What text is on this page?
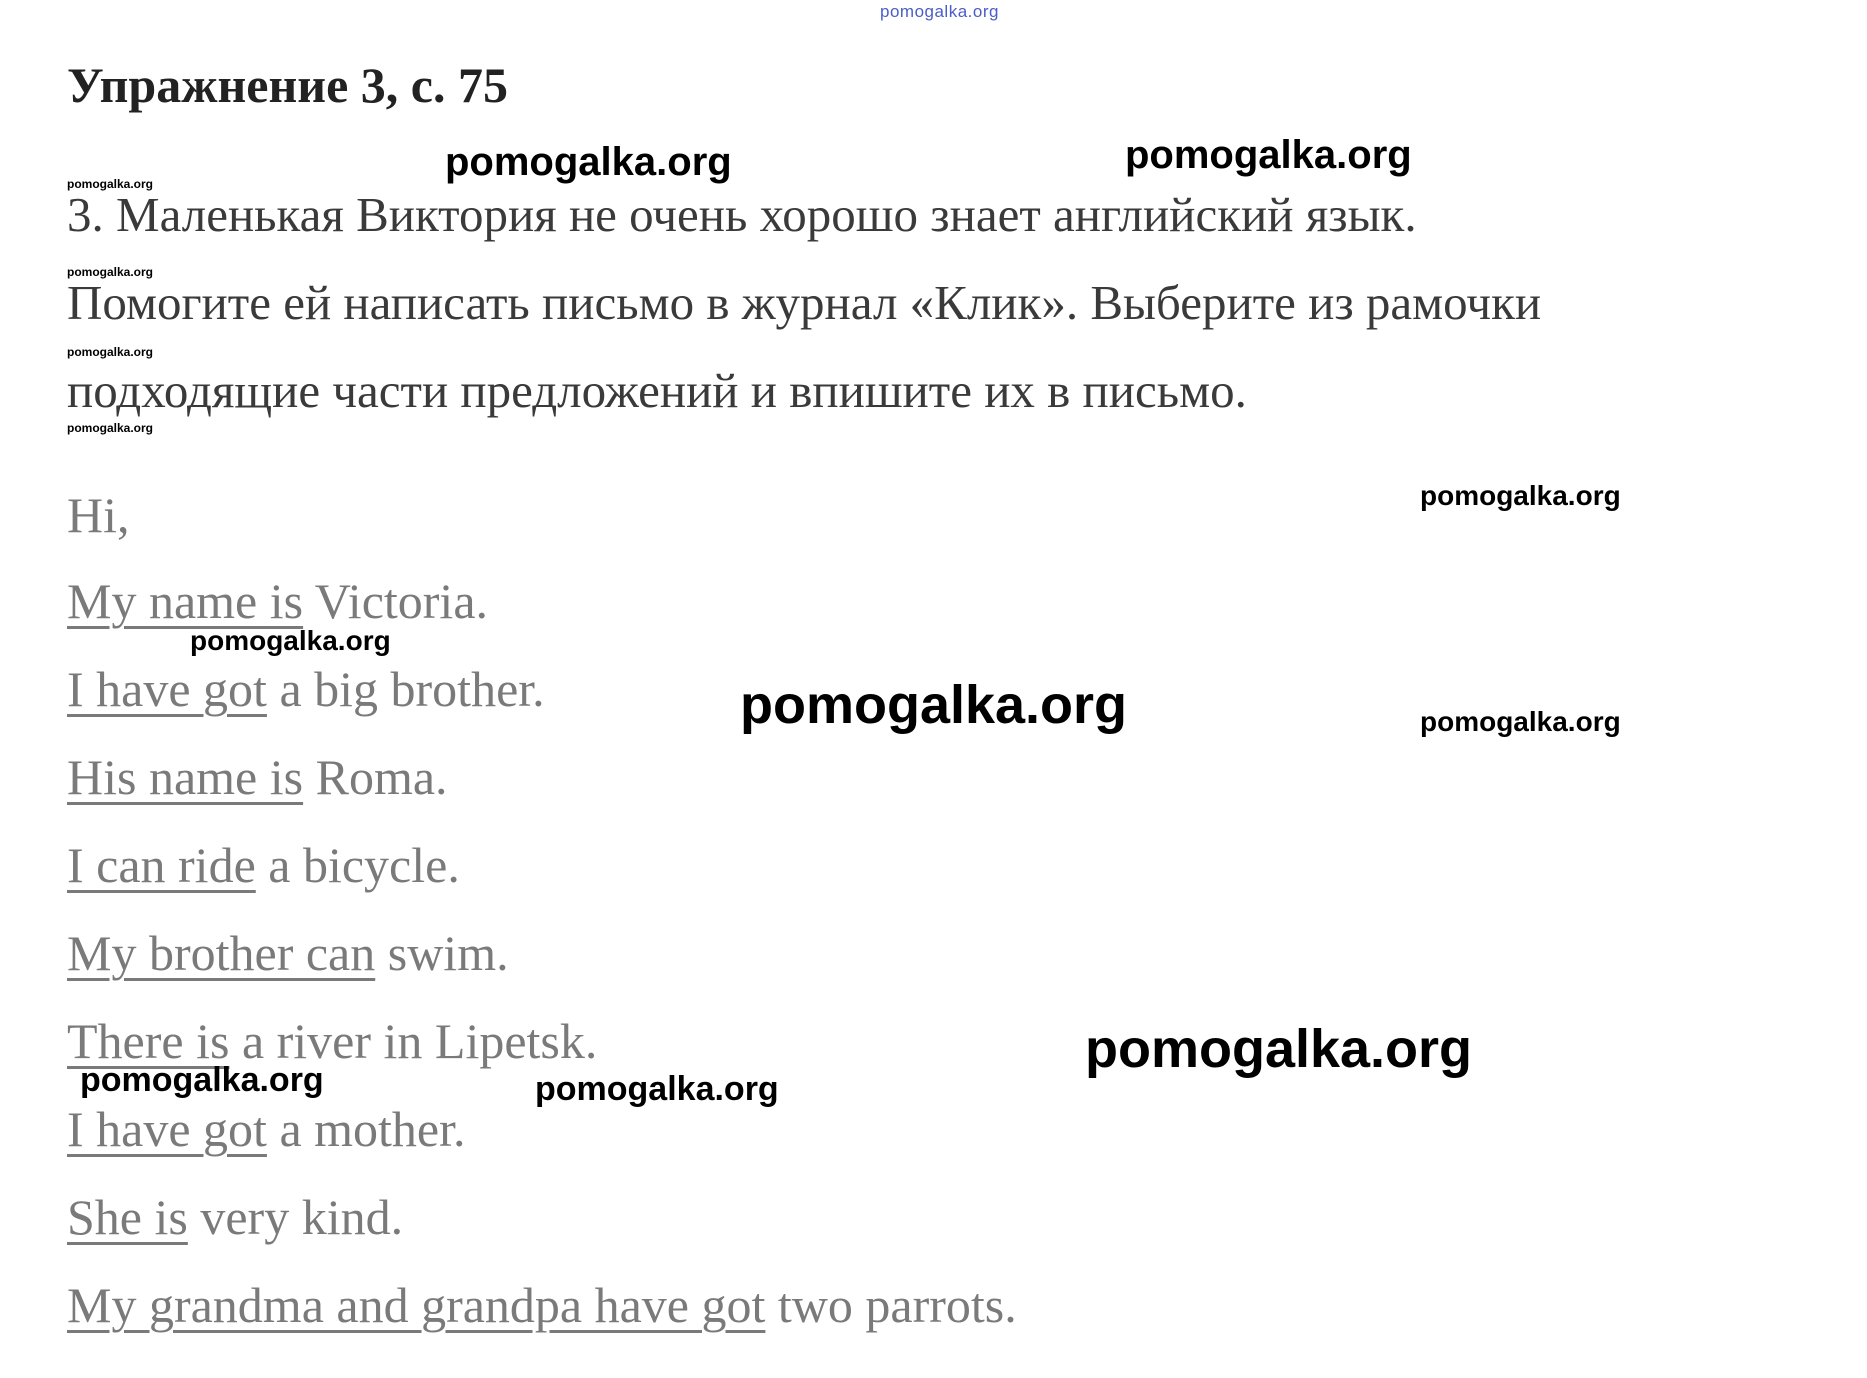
pomogalka.org
Упражнение 3, с. 75
3. Маленькая Виктория не очень хорошо знает английский язык.
Помогите ей написать письмо в журнал «Клик». Выберите из рамочки
подходящие части предложений и впишите их в письмо.
Hi,
My name is Victoria.
I have got a big brother.
His name is Roma.
I can ride a bicycle.
My brother can swim.
There is a river in Lipetsk.
I have got a mother.
She is very kind.
My grandma and grandpa have got two parrots.
pomogalka.org	pomogalka.org
pomogalka.org
pomogalka.org
pomogalka.org
pomogalka.org
pomogalka.org
pomogalka.org
pomogalka.org	pomogalka.org
pomogalka.org
pomogalka.org	pomogalka.org
